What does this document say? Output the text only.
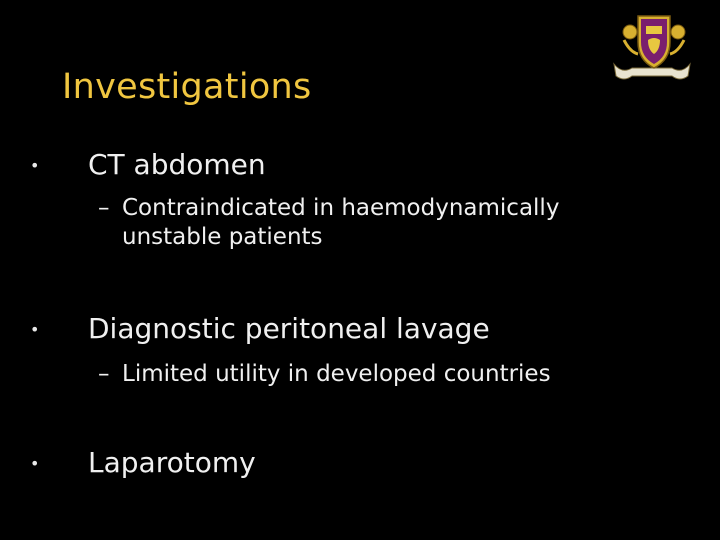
Investigations
• CT abdomen
– Contraindicated in haemodynamically
unstable patients
• Diagnostic peritoneal lavage
– Limited utility in developed countries
• Laparotomy
